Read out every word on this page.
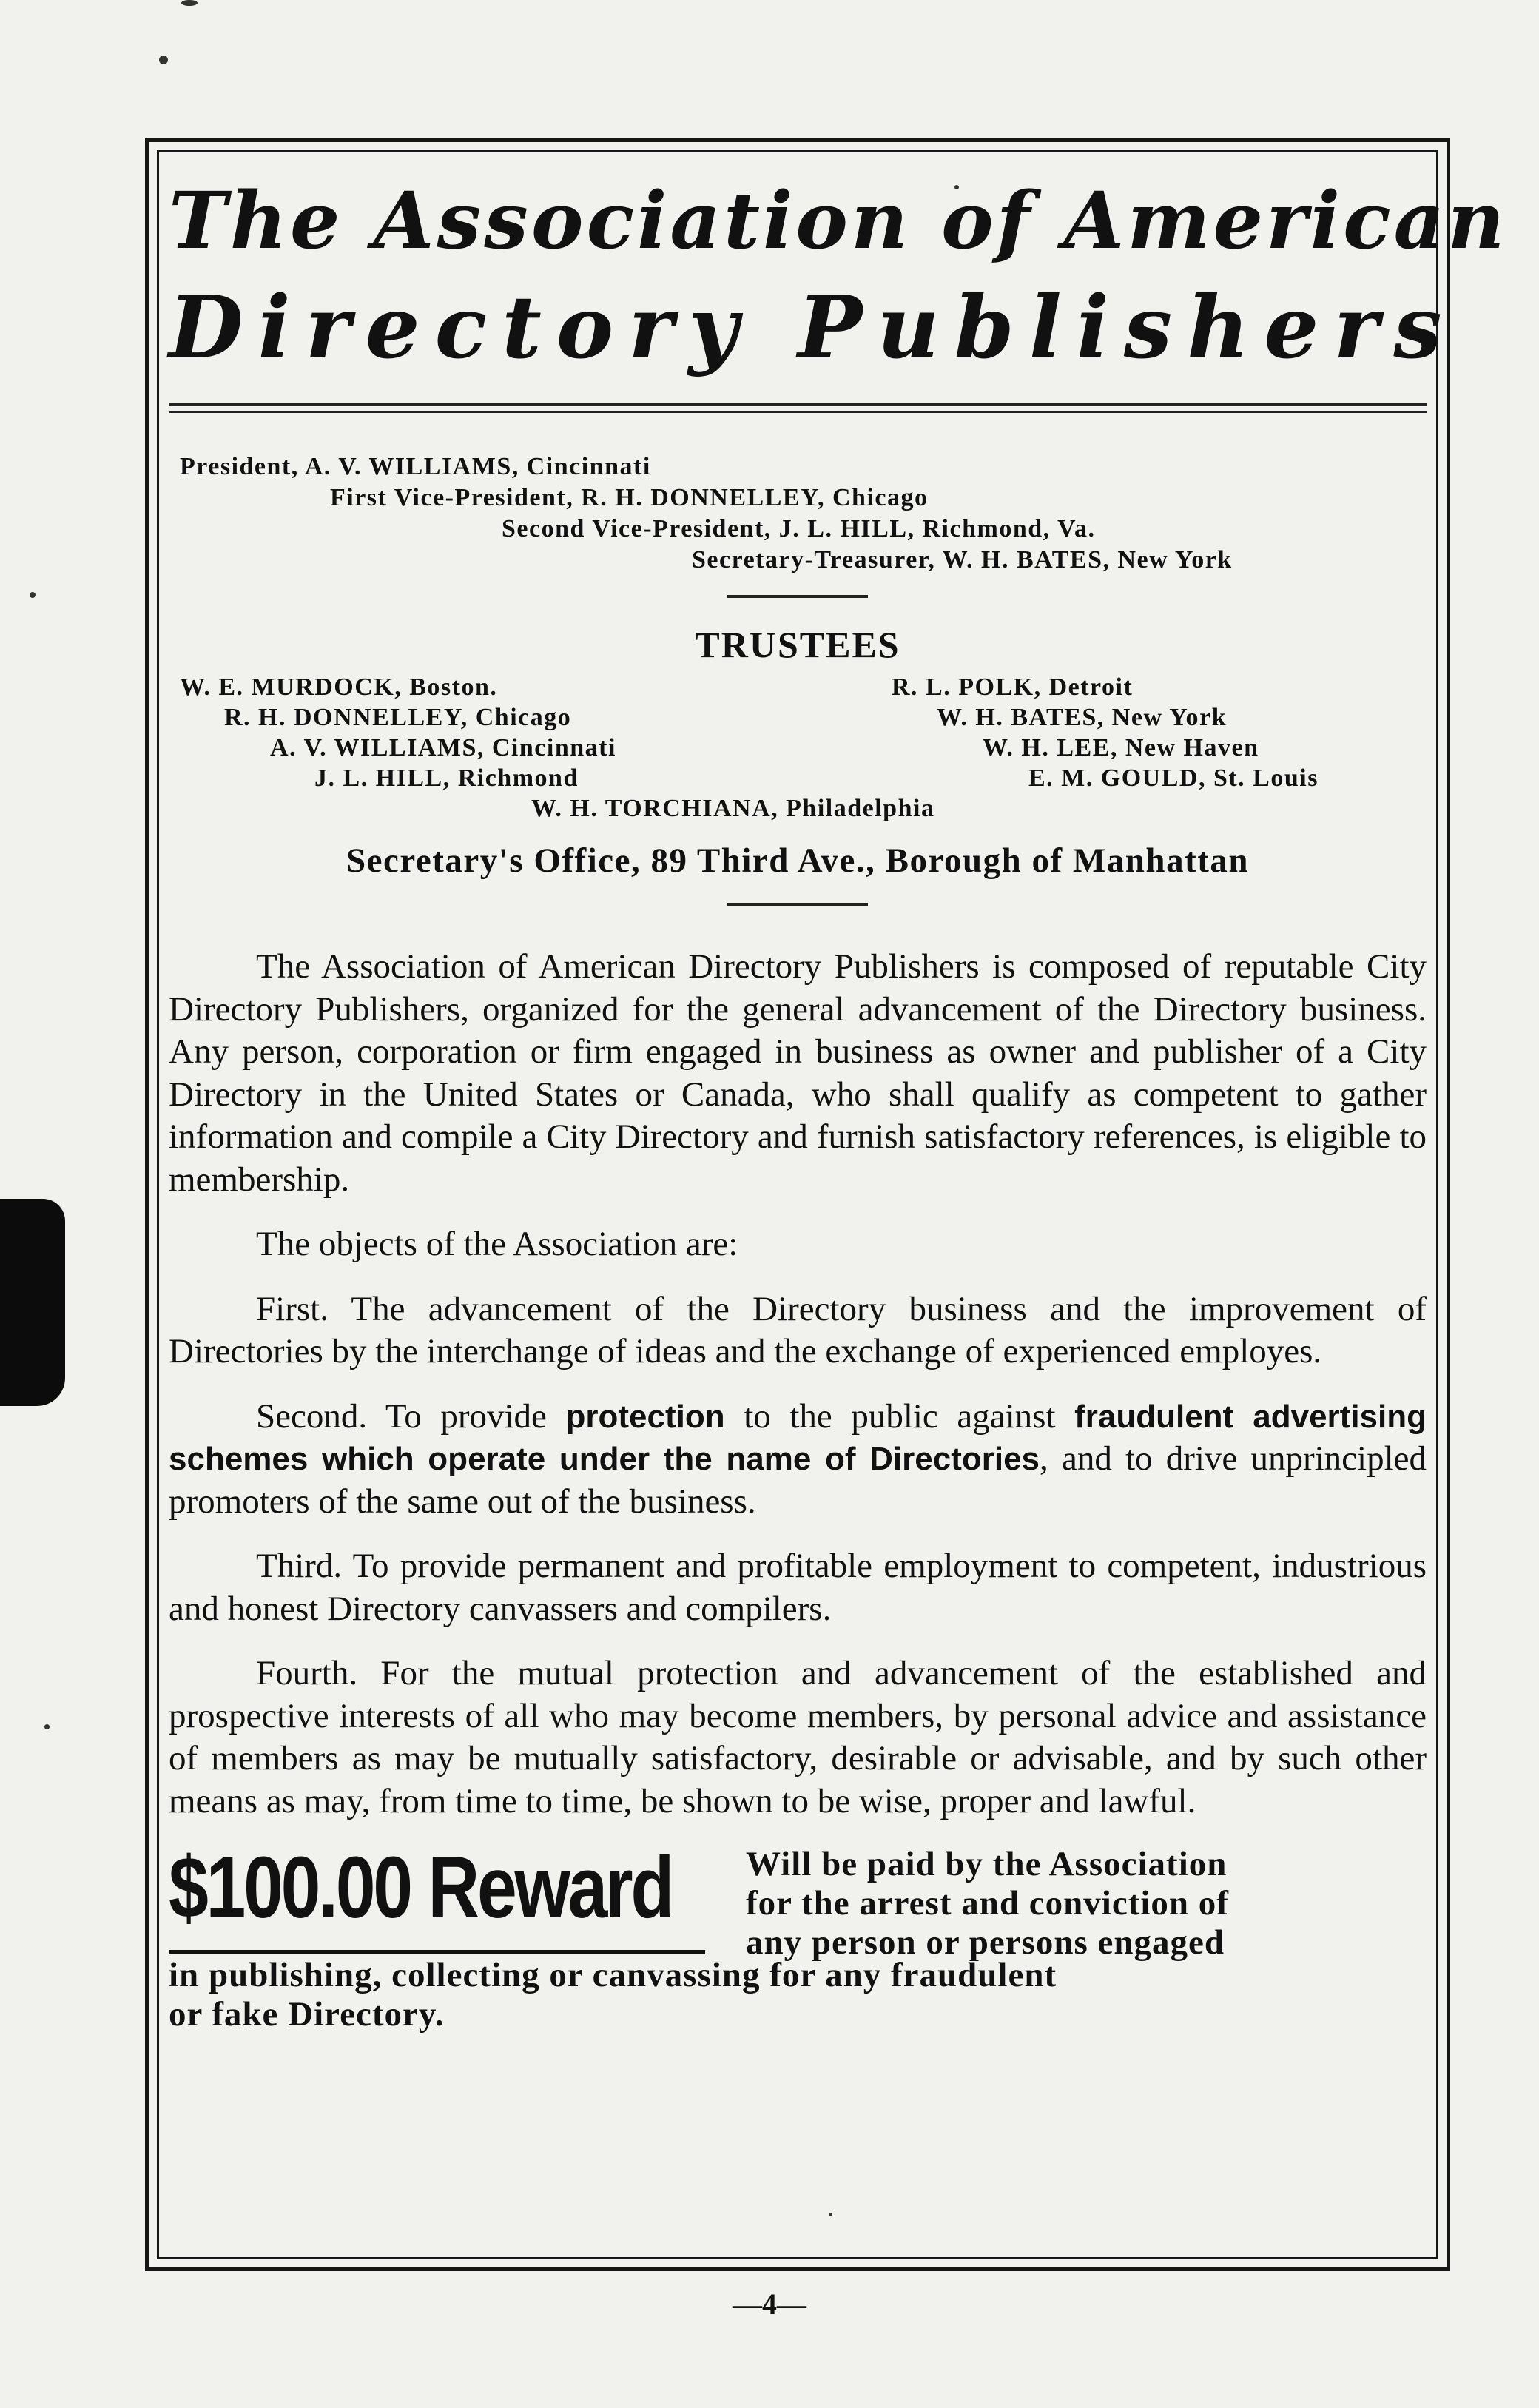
The Association of American
Directory Publishers
President, A. V. WILLIAMS, Cincinnati
First Vice-President, R. H. DONNELLEY, Chicago
Second Vice-President, J. L. HILL, Richmond, Va.
Secretary-Treasurer, W. H. BATES, New York
TRUSTEES
W. E. MURDOCK, Boston.
R. H. DONNELLEY, Chicago
A. V. WILLIAMS, Cincinnati
J. L. HILL, Richmond
R. L. POLK, Detroit
W. H. BATES, New York
W. H. LEE, New Haven
E. M. GOULD, St. Louis
W. H. TORCHIANA, Philadelphia
Secretary's Office, 89 Third Ave., Borough of Manhattan

The Association of American Directory Publishers is composed of reputable City Directory Publishers, organized for the general advancement of the Directory business. Any person, corporation or firm engaged in business as owner and publisher of a City Directory in the United States or Canada, who shall qualify as competent to gather information and compile a City Directory and furnish satisfactory references, is eligible to membership.

The objects of the Association are:

First. The advancement of the Directory business and the improvement of Directories by the interchange of ideas and the exchange of experienced employes.

Second. To provide protection to the public against fraudulent advertising schemes which operate under the name of Directories, and to drive unprincipled promoters of the same out of the business.

Third. To provide permanent and profitable employment to competent, industrious and honest Directory canvassers and compilers.

Fourth. For the mutual protection and advancement of the established and prospective interests of all who may become members, by personal advice and assistance of members as may be mutually satisfactory, desirable or advisable, and by such other means as may, from time to time, be shown to be wise, proper and lawful.

$100.00 Reward Will be paid by the Association
for the arrest and conviction of
any person or persons engaged
in publishing, collecting or canvassing for any fraudulent
or fake Directory.
—4—
